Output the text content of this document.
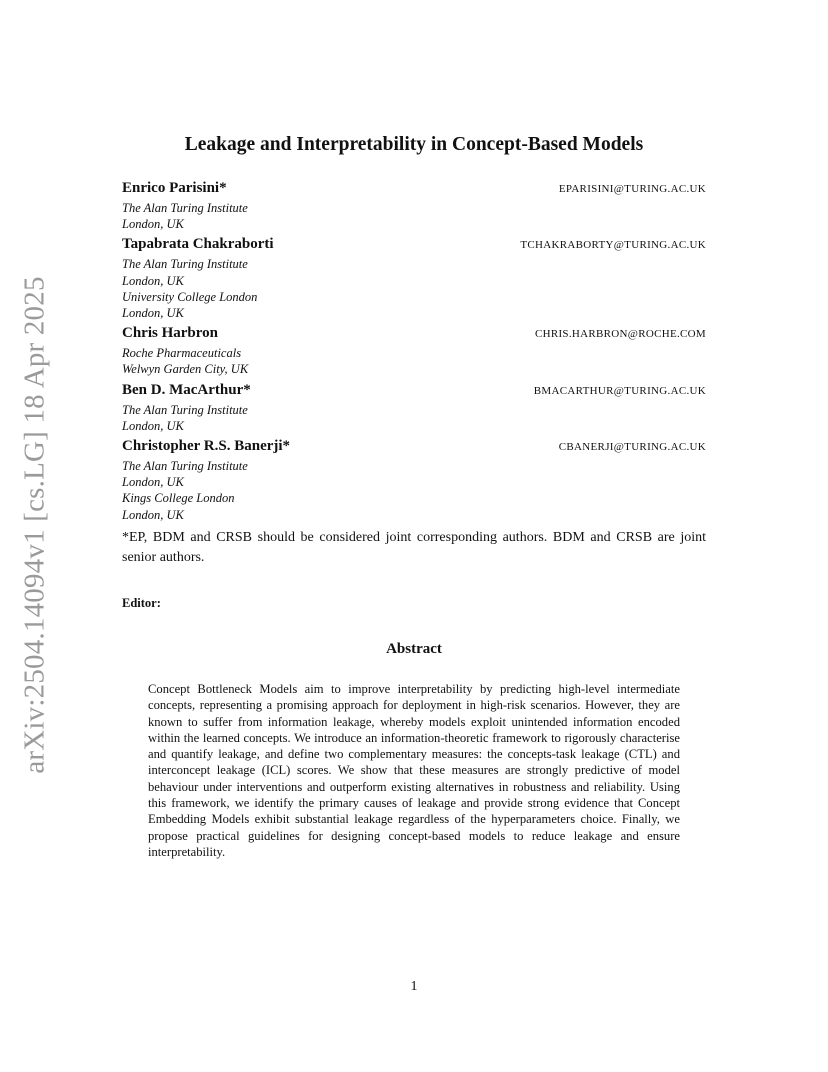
arXiv:2504.14094v1 [cs.LG] 18 Apr 2025
Leakage and Interpretability in Concept-Based Models
Enrico Parisini*	EPARISINI@TURING.AC.UK
The Alan Turing Institute
London, UK
Tapabrata Chakraborti	TCHAKRABORTY@TURING.AC.UK
The Alan Turing Institute
London, UK
University College London
London, UK
Chris Harbron	CHRIS.HARBRON@ROCHE.COM
Roche Pharmaceuticals
Welwyn Garden City, UK
Ben D. MacArthur*	BMACARTHUR@TURING.AC.UK
The Alan Turing Institute
London, UK
Christopher R.S. Banerji*	CBANERJI@TURING.AC.UK
The Alan Turing Institute
London, UK
Kings College London
London, UK
*EP, BDM and CRSB should be considered joint corresponding authors. BDM and CRSB are joint senior authors.
Editor:
Abstract
Concept Bottleneck Models aim to improve interpretability by predicting high-level intermediate concepts, representing a promising approach for deployment in high-risk scenarios. However, they are known to suffer from information leakage, whereby models exploit unintended information encoded within the learned concepts. We introduce an information-theoretic framework to rigorously characterise and quantify leakage, and define two complementary measures: the concepts-task leakage (CTL) and interconcept leakage (ICL) scores. We show that these measures are strongly predictive of model behaviour under interventions and outperform existing alternatives in robustness and reliability. Using this framework, we identify the primary causes of leakage and provide strong evidence that Concept Embedding Models exhibit substantial leakage regardless of the hyperparameters choice. Finally, we propose practical guidelines for designing concept-based models to reduce leakage and ensure interpretability.
1
